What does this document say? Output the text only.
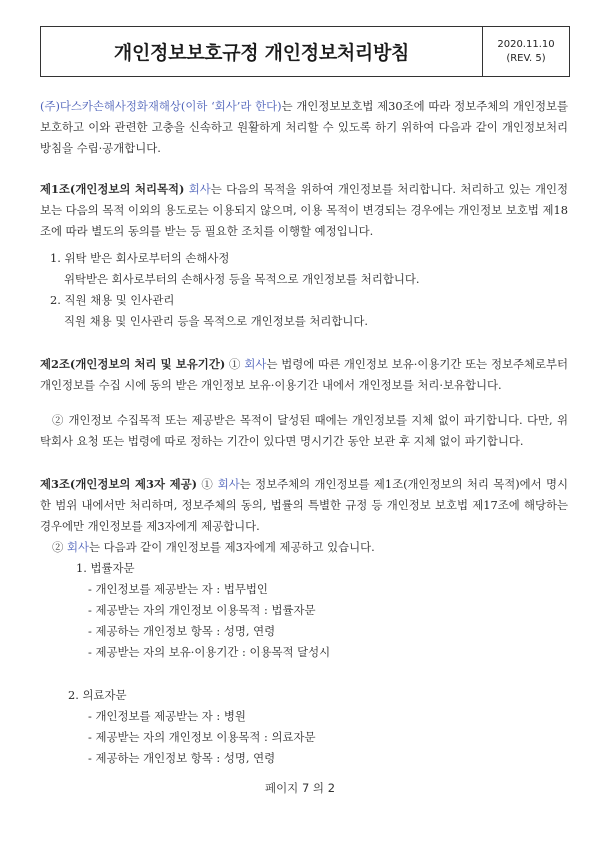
개인정보보호규정 개인정보처리방침	2020.11.10
(REV. 5)

(주)다스카손해사정화재해상(이하 ‘회사’라 한다)는 개인정보보호법 제30조에 따라 정보주체의 개인정보를 보호하고 이와 관련한 고충을 신속하고 원활하게 처리할 수 있도록 하기 위하여 다음과 같이 개인정보처리방침을 수립·공개합니다.

제1조(개인정보의 처리목적) 회사는 다음의 목적을 위하여 개인정보를 처리합니다. 처리하고 있는 개인정보는 다음의 목적 이외의 용도로는 이용되지 않으며, 이용 목적이 변경되는 경우에는 개인정보 보호법 제18조에 따라 별도의 동의를 받는 등 필요한 조치를 이행할 예정입니다.

1. 위탁 받은 회사로부터의 손해사정
위탁받은 회사로부터의 손해사정 등을 목적으로 개인정보를 처리합니다.
2. 직원 채용 및 인사관리
직원 채용 및 인사관리 등을 목적으로 개인정보를 처리합니다.

제2조(개인정보의 처리 및 보유기간) ① 회사는 법령에 따른 개인정보 보유·이용기간 또는 정보주체로부터 개인정보를 수집 시에 동의 받은 개인정보 보유·이용기간 내에서 개인정보를 처리·보유합니다.

② 개인정보 수집목적 또는 제공받은 목적이 달성된 때에는 개인정보를 지체 없이 파기합니다. 다만, 위탁회사 요청 또는 법령에 따로 정하는 기간이 있다면 명시기간 동안 보관 후 지체 없이 파기합니다.

제3조(개인정보의 제3자 제공) ① 회사는 정보주체의 개인정보를 제1조(개인정보의 처리 목적)에서 명시한 범위 내에서만 처리하며, 정보주체의 동의, 법률의 특별한 규정 등 개인정보 보호법 제17조에 해당하는 경우에만 개인정보를 제3자에게 제공합니다.

② 회사는 다음과 같이 개인정보를 제3자에게 제공하고 있습니다.

1. 법률자문
- 개인정보를 제공받는 자 : 법무법인
- 제공받는 자의 개인정보 이용목적 : 법률자문
- 제공하는 개인정보 항목 : 성명, 연령
- 제공받는 자의 보유·이용기간 : 이용목적 달성시
2. 의료자문
- 개인정보를 제공받는 자 : 병원
- 제공받는 자의 개인정보 이용목적 : 의료자문
- 제공하는 개인정보 항목 : 성명, 연령
페이지 7 의 2
